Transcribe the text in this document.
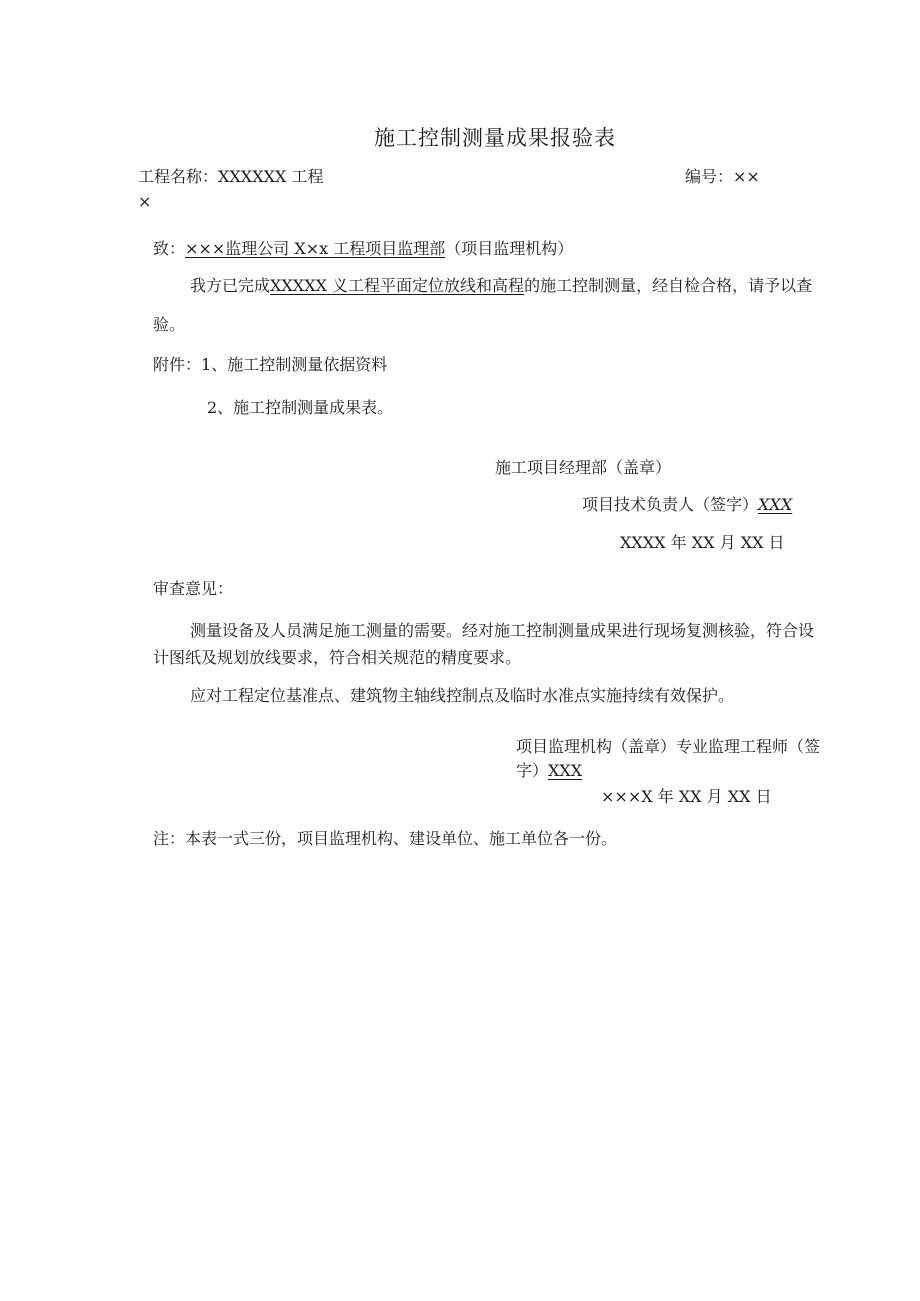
施工控制测量成果报验表
工程名称：XXXXXX 工程	编号：××
×
致：×××监理公司 X×x 工程项目监理部（项目监理机构）
我方已完成XXXXX 义工程平面定位放线和高程的施工控制测量，经自检合格，请予以查
验。
附件：1、施工控制测量依据资料
2、施工控制测量成果表。
施工项目经理部（盖章）
项目技术负责人（签字）XXX
XXXX 年 XX 月 XX 日
审查意见：
测量设备及人员满足施工测量的需要。经对施工控制测量成果进行现场复测核验，符合设
计图纸及规划放线要求，符合相关规范的精度要求。
应对工程定位基准点、建筑物主轴线控制点及临时水准点实施持续有效保护。
项目监理机构（盖章）专业监理工程师（签
字）XXX
×××X 年 XX 月 XX 日
注：本表一式三份，项目监理机构、建设单位、施工单位各一份。
